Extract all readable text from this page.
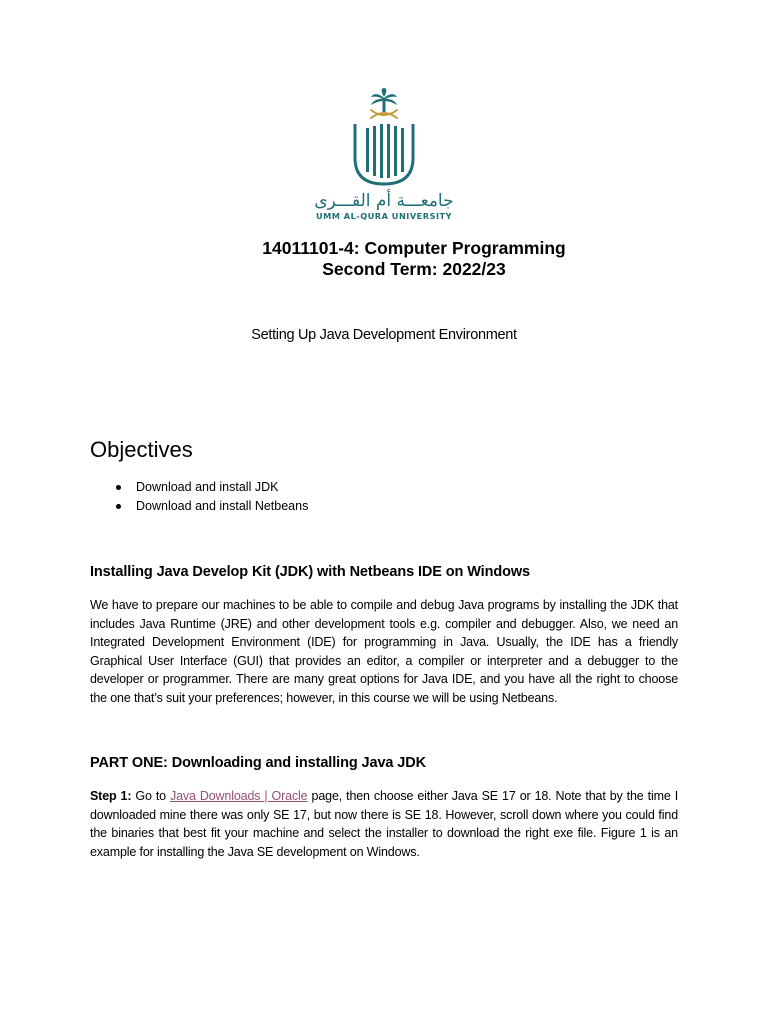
جامعـــة أم القـــرى
UMM AL-QURA UNIVERSITY
14011101-4: Computer Programming
Second Term: 2022/23
Setting Up Java Development Environment
Objectives
Download and install JDK
Download and install Netbeans
Installing Java Develop Kit (JDK) with Netbeans IDE on Windows

We have to prepare our machines to be able to compile and debug Java programs by installing the JDK that includes Java Runtime (JRE) and other development tools e.g. compiler and debugger. Also, we need an Integrated Development Environment (IDE) for programming in Java. Usually, the IDE has a friendly Graphical User Interface (GUI) that provides an editor, a compiler or interpreter and a debugger to the developer or programmer. There are many great options for Java IDE, and you have all the right to choose the one that’s suit your preferences; however, in this course we will be using Netbeans.

PART ONE: Downloading and installing Java JDK

Step 1: Go to Java Downloads | Oracle page, then choose either Java SE 17 or 18. Note that by the time I downloaded mine there was only SE 17, but now there is SE 18. However, scroll down where you could find the binaries that best fit your machine and select the installer to download the right exe file. Figure 1 is an example for installing the Java SE development on Windows.
